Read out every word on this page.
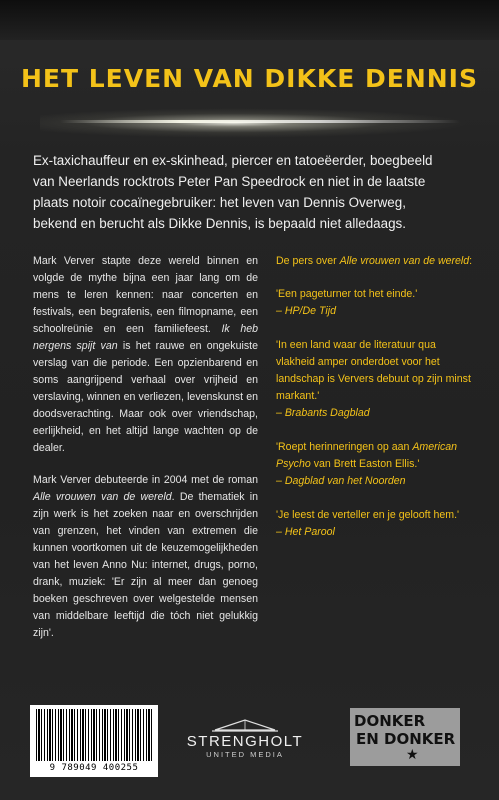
HET LEVEN VAN DIKKE DENNIS
Ex-taxichauffeur en ex-skinhead, piercer en tatoeëerder, boegbeeld
van Neerlands rocktrots Peter Pan Speedrock en niet in de laatste
plaats notoir cocaïnegebruiker: het leven van Dennis Overweg,
bekend en berucht als Dikke Dennis, is bepaald niet alledaags.

Mark Verver stapte deze wereld binnen en volgde de mythe bijna een jaar lang om de mens te leren kennen: naar concerten en festivals, een begrafenis, een filmopname, een schoolreünie en een familiefeest. Ik heb nergens spijt van is het rauwe en ongekuiste verslag van die periode. Een opzienbarend en soms aangrijpend verhaal over vrijheid en verslaving, winnen en verliezen, levenskunst en doodsverachting. Maar ook over vriendschap, eerlijkheid, en het altijd lange wachten op de dealer.

Mark Verver debuteerde in 2004 met de roman Alle vrouwen van de wereld. De thematiek in zijn werk is het zoeken naar en overschrijden van grenzen, het vinden van extremen die kunnen voortkomen uit de keuzemogelijkheden van het leven Anno Nu: internet, drugs, porno, drank, muziek: 'Er zijn al meer dan genoeg boeken geschreven over welgestelde mensen van middelbare leeftijd die tóch niet gelukkig zijn'.

De pers over Alle vrouwen van de wereld:

'Een pageturner tot het einde.'
– HP/De Tijd

'In een land waar de literatuur qua vlakheid amper onderdoet voor het landschap is Ververs debuut op zijn minst markant.'
– Brabants Dagblad

'Roept herinneringen op aan American Psycho van Brett Easton Ellis.'
– Dagblad van het Noorden

'Je leest de verteller en je gelooft hem.'
– Het Parool

9 789049 400255
STRENGHOLT
UNITED MEDIA
DONKER
EN DONKER
★
